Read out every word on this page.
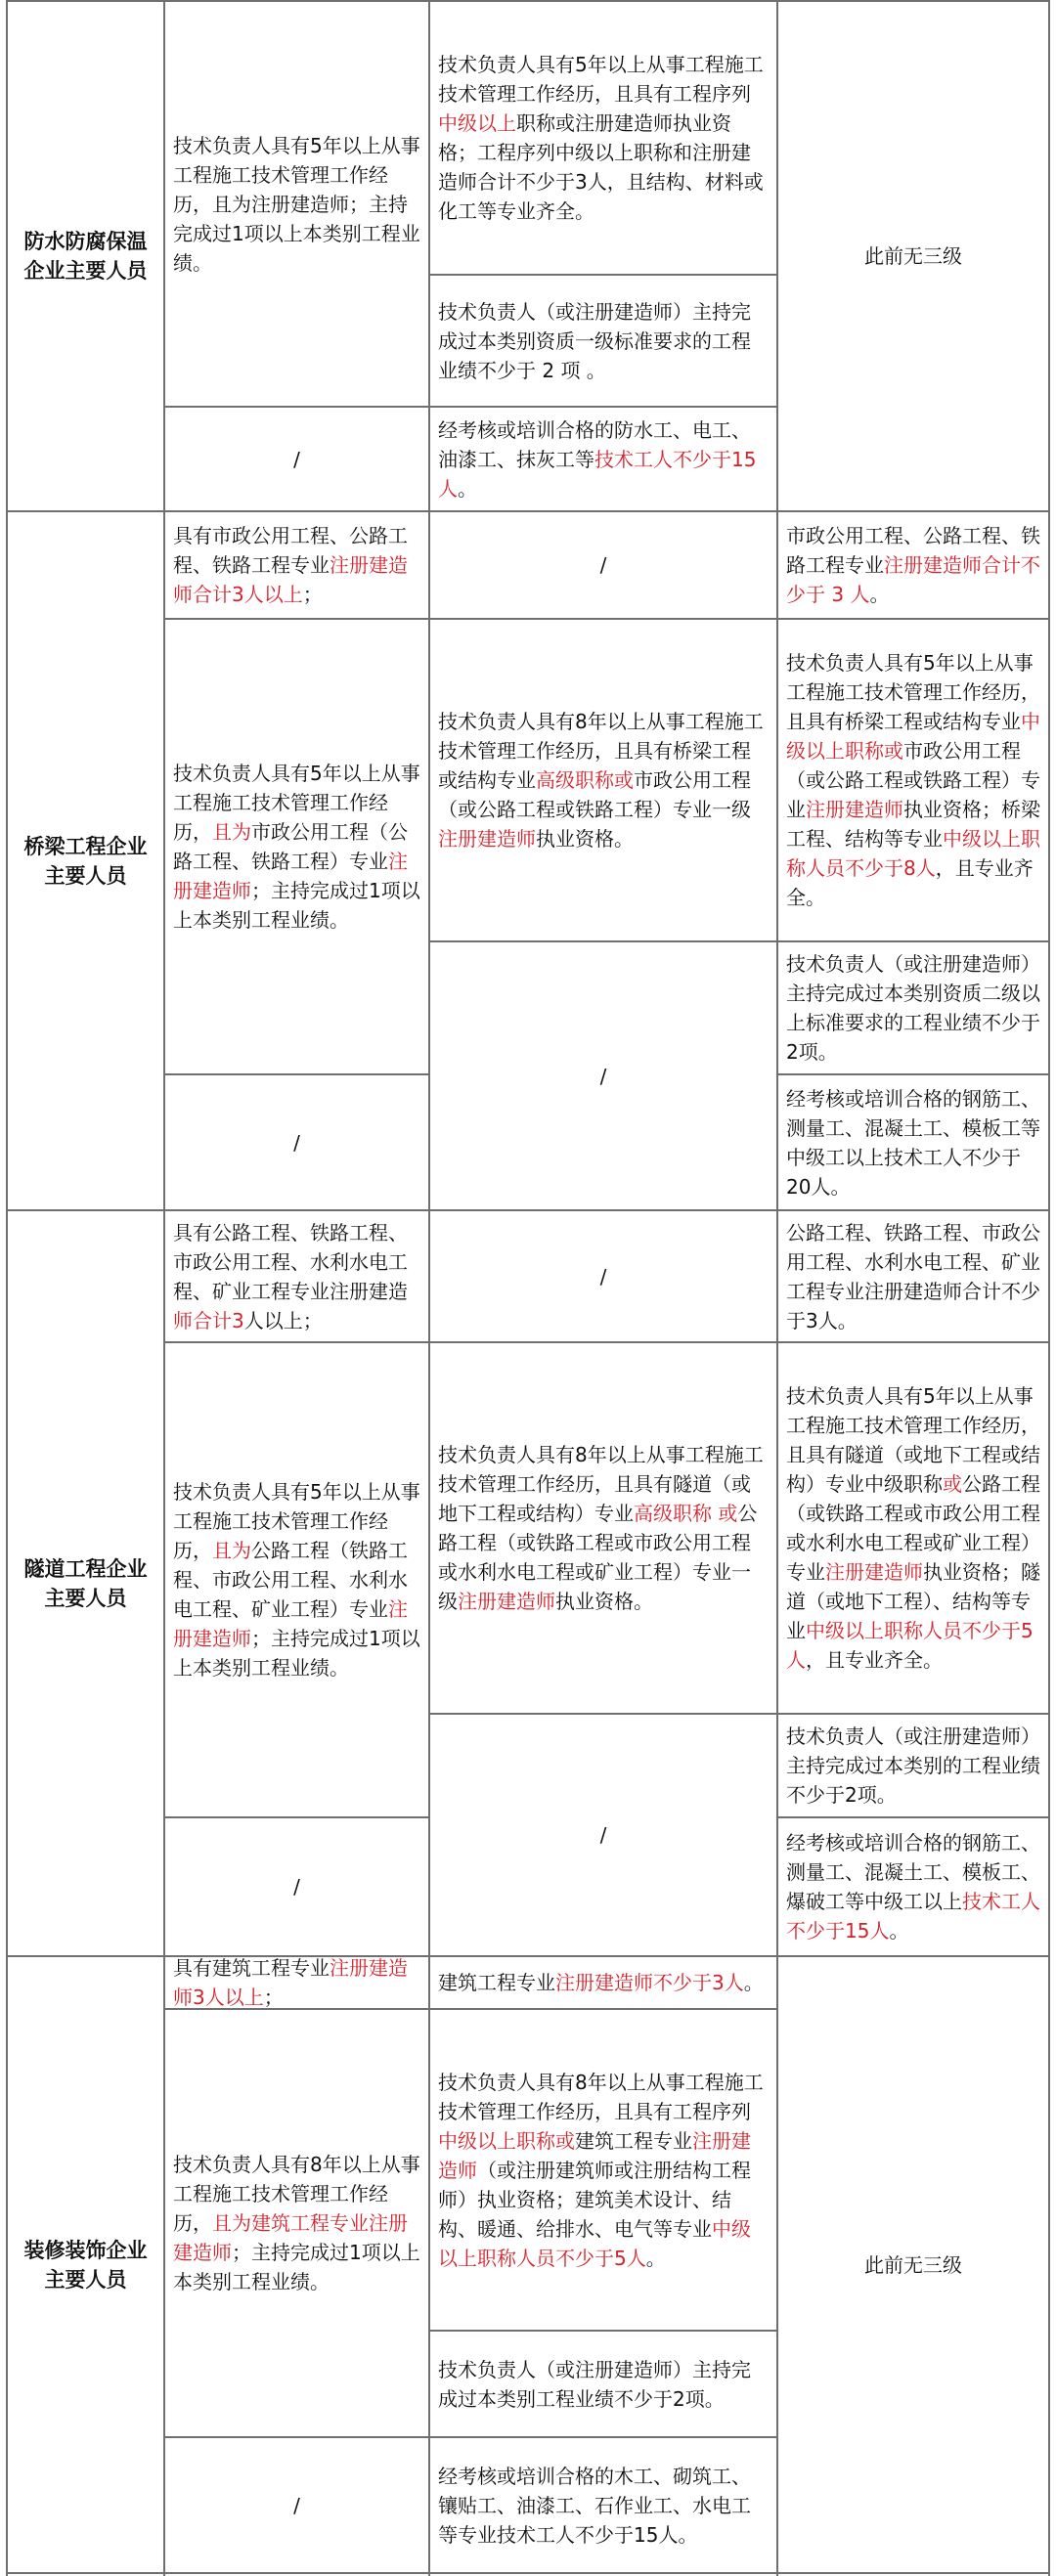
防水防腐保温企业主要人员
技术负责人具有5年以上从事工程施工技术管理工作经历，且为注册建造师；主持完成过1项以上本类别工程业绩。
/
技术负责人具有5年以上从事工程施工技术管理工作经历，且具有工程序列中级以上职称或注册建造师执业资格；工程序列中级以上职称和注册建造师合计不少于3人，且结构、材料或化工等专业齐全。
技术负责人（或注册建造师）主持完成过本类别资质一级标准要求的工程业绩不少于 2 项 。
经考核或培训合格的防水工、电工、油漆工、抹灰工等技术工人不少于15人。
此前无三级
桥梁工程企业主要人员
具有市政公用工程、公路工程、铁路工程专业注册建造师合计3人以上；
技术负责人具有5年以上从事工程施工技术管理工作经历，且为市政公用工程（公路工程、铁路工程）专业注册建造师；主持完成过1项以上本类别工程业绩。
/
/
技术负责人具有8年以上从事工程施工技术管理工作经历，且具有桥梁工程或结构专业高级职称或市政公用工程（或公路工程或铁路工程）专业一级注册建造师执业资格。
/
市政公用工程、公路工程、铁路工程专业注册建造师合计不少于 3 人。
技术负责人具有5年以上从事工程施工技术管理工作经历，且具有桥梁工程或结构专业中级以上职称或市政公用工程（或公路工程或铁路工程）专业注册建造师执业资格；桥梁工程、结构等专业中级以上职称人员不少于8人，且专业齐全。
技术负责人（或注册建造师）主持完成过本类别资质二级以上标准要求的工程业绩不少于2项。
经考核或培训合格的钢筋工、测量工、混凝土工、模板工等中级工以上技术工人不少于20人。
隧道工程企业主要人员
具有公路工程、铁路工程、市政公用工程、水利水电工程、矿业工程专业注册建造师合计3人以上；
技术负责人具有5年以上从事工程施工技术管理工作经历，且为公路工程（铁路工程、市政公用工程、水利水电工程、矿业工程）专业注册建造师；主持完成过1项以上本类别工程业绩。
/
/
技术负责人具有8年以上从事工程施工技术管理工作经历，且具有隧道（或地下工程或结构）专业高级职称 或公路工程（或铁路工程或市政公用工程或水利水电工程或矿业工程）专业一级注册建造师执业资格。
/
公路工程、铁路工程、市政公用工程、水利水电工程、矿业工程专业注册建造师合计不少于3人。
技术负责人具有5年以上从事工程施工技术管理工作经历，且具有隧道（或地下工程或结构）专业中级职称或公路工程（或铁路工程或市政公用工程或水利水电工程或矿业工程）专业注册建造师执业资格；隧道（或地下工程）、结构等专业中级以上职称人员不少于5人，且专业齐全。
技术负责人（或注册建造师）主持完成过本类别的工程业绩不少于2项。
经考核或培训合格的钢筋工、测量工、混凝土工、模板工、爆破工等中级工以上技术工人不少于15人。
装修装饰企业主要人员
具有建筑工程专业注册建造师3人以上；
技术负责人具有8年以上从事工程施工技术管理工作经历，且为建筑工程专业注册建造师；主持完成过1项以上本类别工程业绩。
/
建筑工程专业注册建造师不少于3人。
技术负责人具有8年以上从事工程施工技术管理工作经历，且具有工程序列中级以上职称或建筑工程专业注册建造师（或注册建筑师或注册结构工程师）执业资格；建筑美术设计、结构、暖通、给排水、电气等专业中级以上职称人员不少于5人。
技术负责人（或注册建造师）主持完成过本类别工程业绩不少于2项。
经考核或培训合格的木工、砌筑工、镶贴工、油漆工、石作业工、水电工等专业技术工人不少于15人。
此前无三级
